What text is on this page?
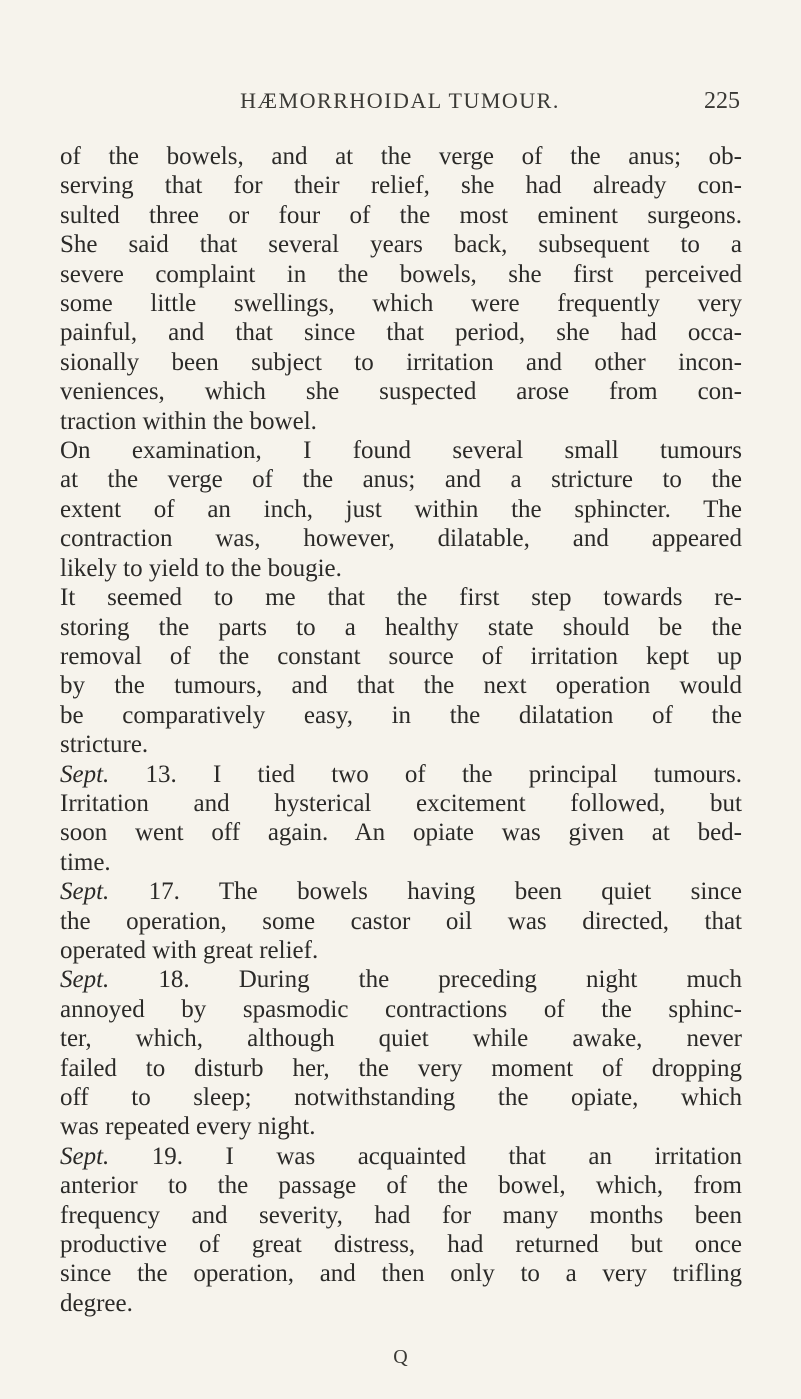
HÆMORRHOIDAL TUMOUR.	225
of the bowels, and at the verge of the anus; ob-
serving that for their relief, she had already con-
sulted three or four of the most eminent surgeons.
She said that several years back, subsequent to a
severe complaint in the bowels, she first perceived
some little swellings, which were frequently very
painful, and that since that period, she had occa-
sionally been subject to irritation and other incon-
veniences, which she suspected arose from con-
traction within the bowel.
On examination, I found several small tumours
at the verge of the anus; and a stricture to the
extent of an inch, just within the sphincter. The
contraction was, however, dilatable, and appeared
likely to yield to the bougie.
It seemed to me that the first step towards re-
storing the parts to a healthy state should be the
removal of the constant source of irritation kept up
by the tumours, and that the next operation would
be comparatively easy, in the dilatation of the
stricture.
Sept. 13. I tied two of the principal tumours.
Irritation and hysterical excitement followed, but
soon went off again. An opiate was given at bed-
time.
Sept. 17. The bowels having been quiet since
the operation, some castor oil was directed, that
operated with great relief.
Sept. 18. During the preceding night much
annoyed by spasmodic contractions of the sphinc-
ter, which, although quiet while awake, never
failed to disturb her, the very moment of dropping
off to sleep; notwithstanding the opiate, which
was repeated every night.
Sept. 19. I was acquainted that an irritation
anterior to the passage of the bowel, which, from
frequency and severity, had for many months been
productive of great distress, had returned but once
since the operation, and then only to a very trifling
degree.
Q
